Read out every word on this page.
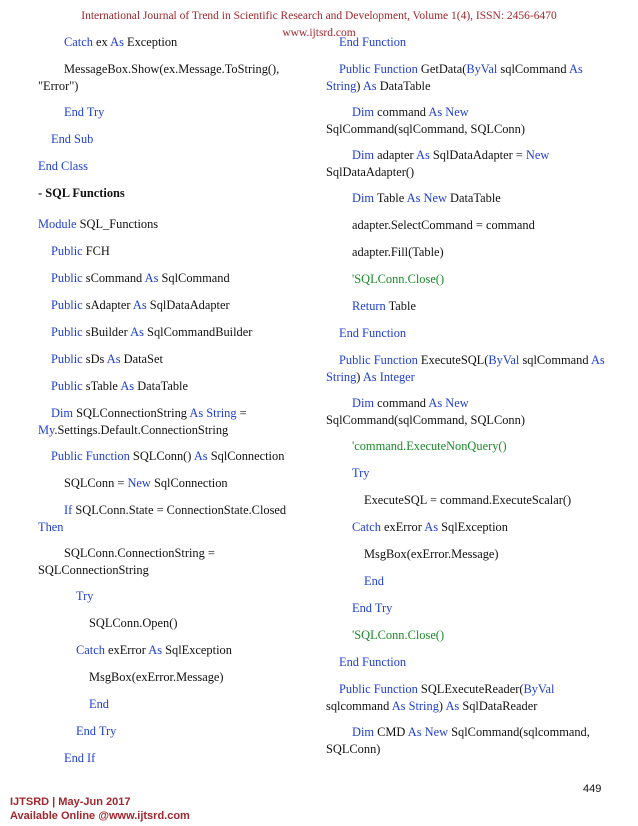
International Journal of Trend in Scientific Research and Development, Volume 1(4), ISSN: 2456-6470
www.ijtsrd.com
Catch ex As Exception
MessageBox.Show(ex.Message.ToString(), "Error")
End Try
End Sub
End Class
- SQL Functions
Module SQL_Functions
Public FCH
Public sCommand As SqlCommand
Public sAdapter As SqlDataAdapter
Public sBuilder As SqlCommandBuilder
Public sDs As DataSet
Public sTable As DataTable
Dim SQLConnectionString As String = My.Settings.Default.ConnectionString
Public Function SQLConn() As SqlConnection
SQLConn = New SqlConnection
If SQLConn.State = ConnectionState.Closed Then
SQLConn.ConnectionString = SQLConnectionString
Try
SQLConn.Open()
Catch exError As SqlException
MsgBox(exError.Message)
End
End Try
End If
End Function
Public Function GetData(ByVal sqlCommand As String) As DataTable
Dim command As New SqlCommand(sqlCommand, SQLConn)
Dim adapter As SqlDataAdapter = New SqlDataAdapter()
Dim Table As New DataTable
adapter.SelectCommand = command
adapter.Fill(Table)
'SQLConn.Close()
Return Table
End Function
Public Function ExecuteSQL(ByVal sqlCommand As String) As Integer
Dim command As New SqlCommand(sqlCommand, SQLConn)
'command.ExecuteNonQuery()
Try
ExecuteSQL = command.ExecuteScalar()
Catch exError As SqlException
MsgBox(exError.Message)
End
End Try
'SQLConn.Close()
End Function
Public Function SQLExecuteReader(ByVal sqlcommand As String) As SqlDataReader
Dim CMD As New SqlCommand(sqlcommand, SQLConn)
449
IJTSRD | May-Jun 2017
Available Online @www.ijtsrd.com
